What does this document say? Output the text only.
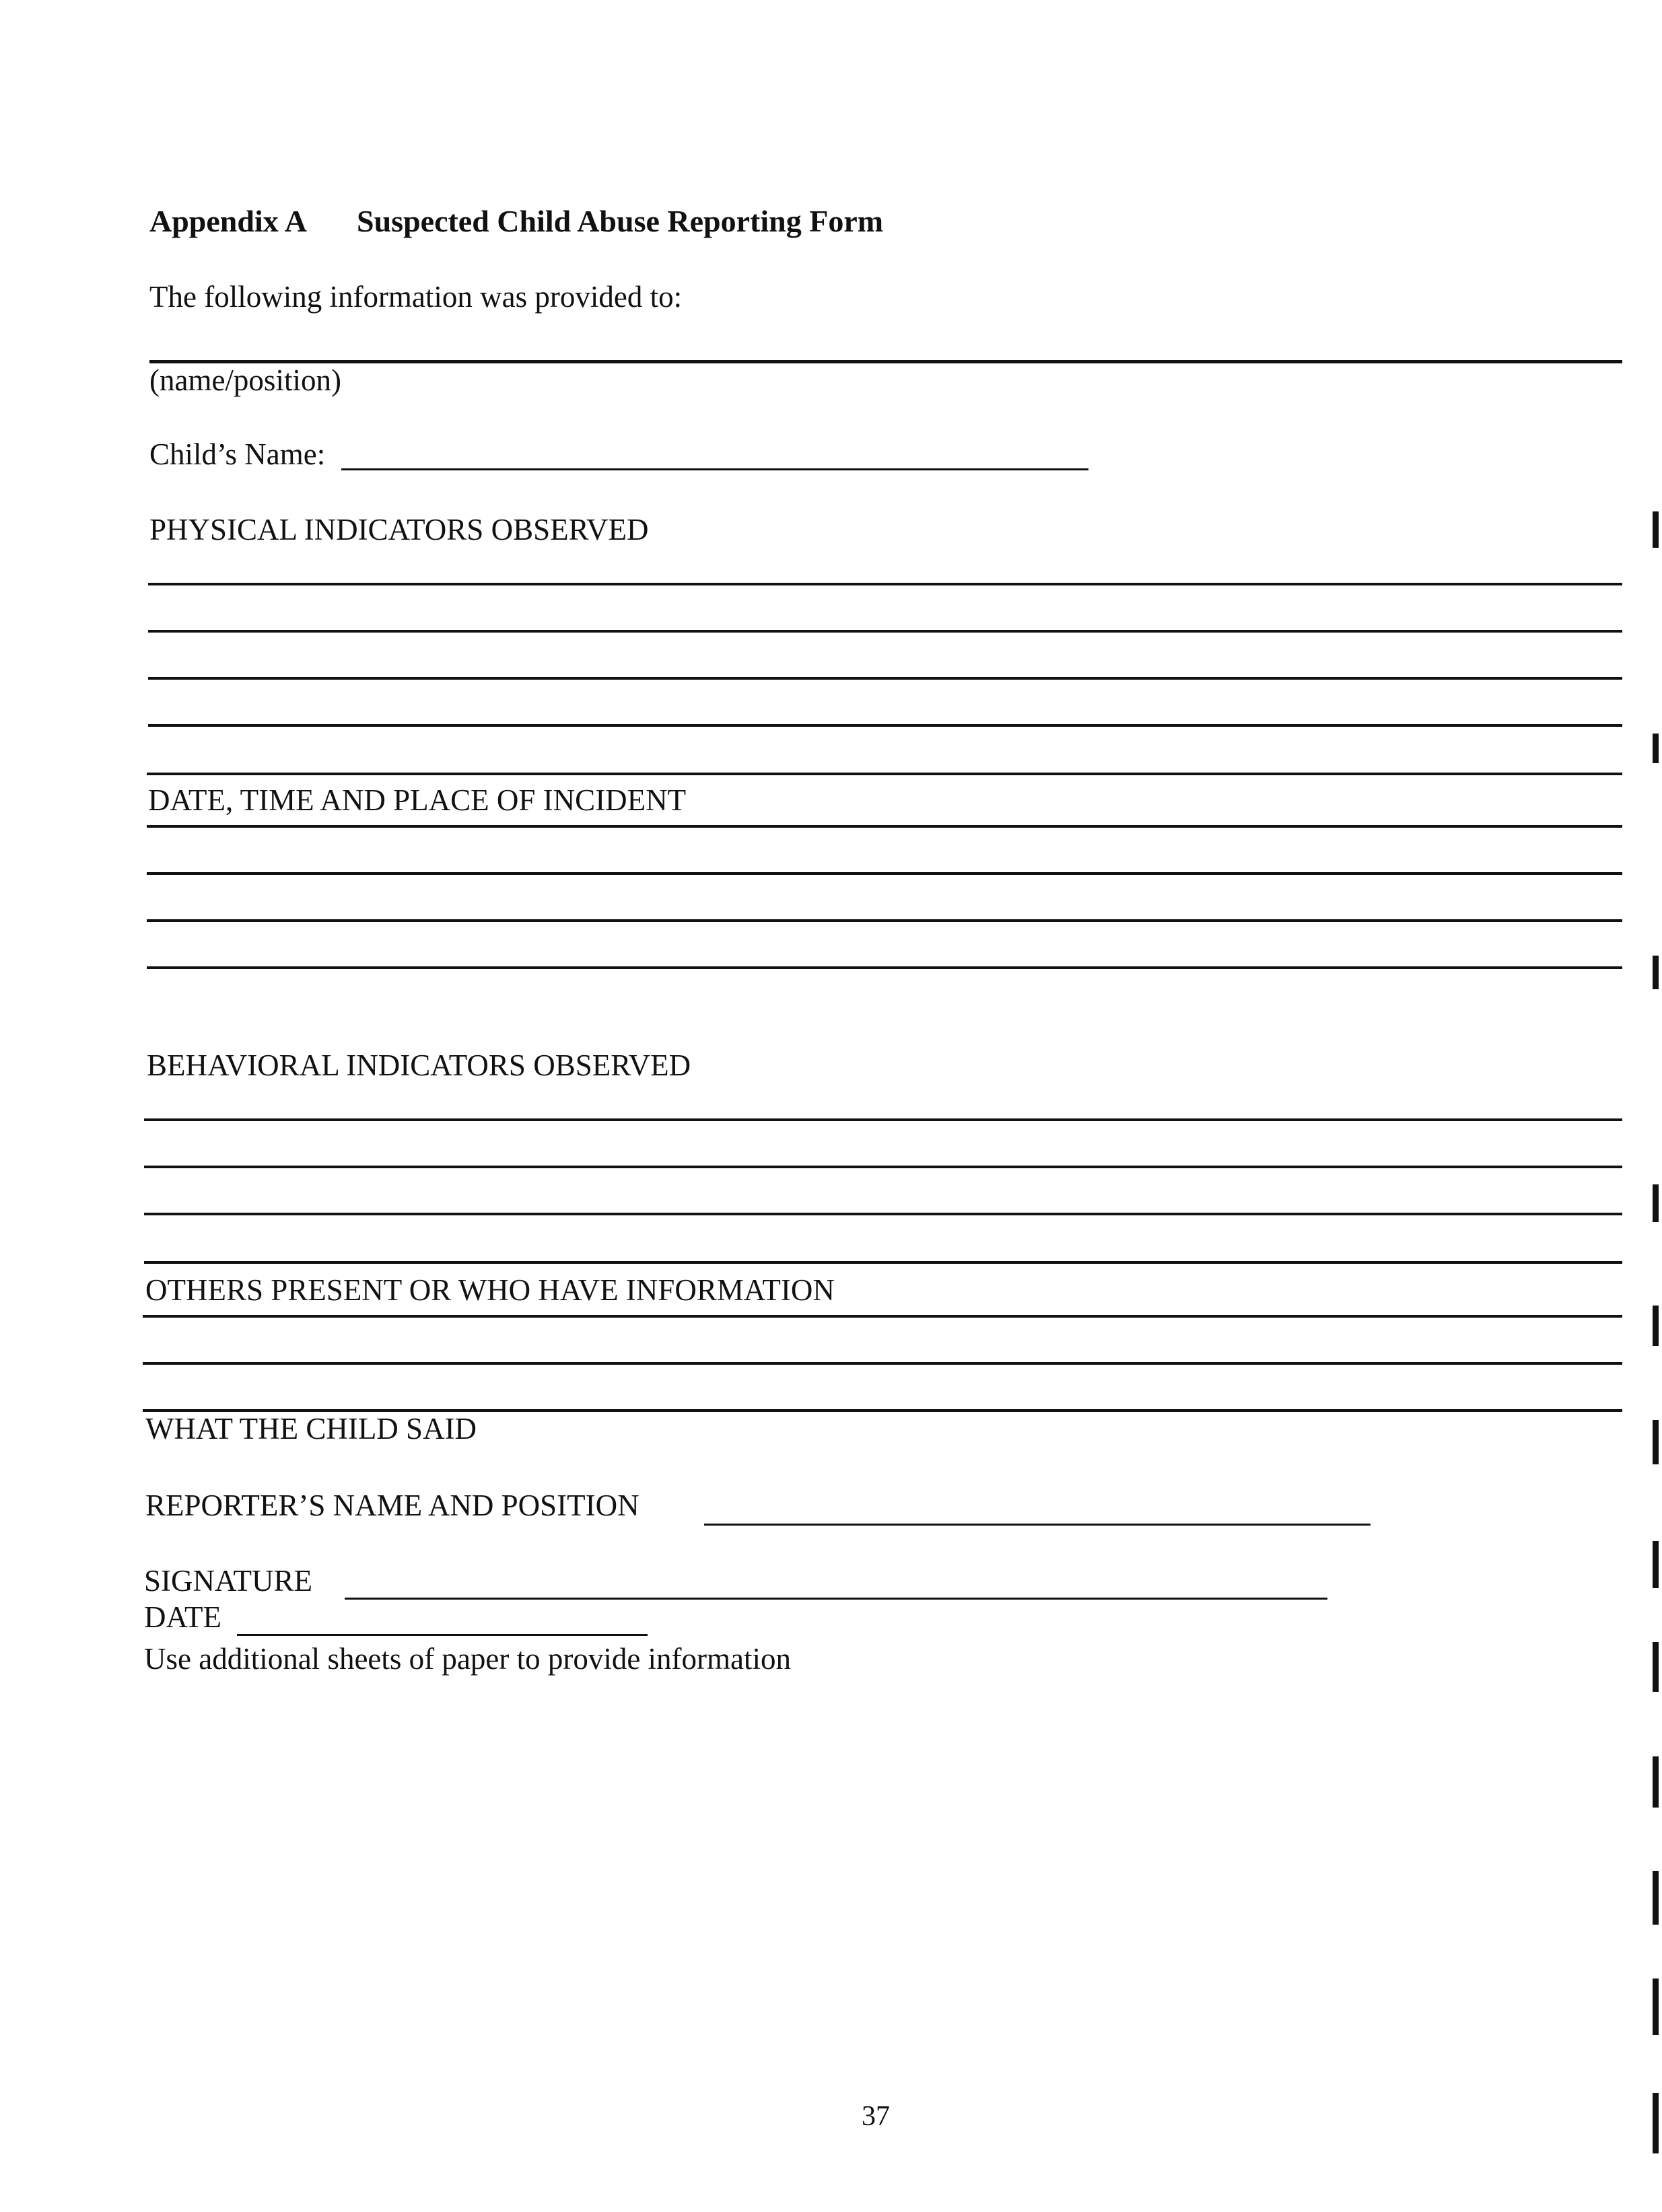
Appendix A Suspected Child Abuse Reporting Form
The following information was provided to:
(name/position)
Child’s Name:
PHYSICAL INDICATORS OBSERVED
DATE, TIME AND PLACE OF INCIDENT
BEHAVIORAL INDICATORS OBSERVED
OTHERS PRESENT OR WHO HAVE INFORMATION
WHAT THE CHILD SAID
REPORTER’S NAME AND POSITION
SIGNATURE
DATE
Use additional sheets of paper to provide information
37
